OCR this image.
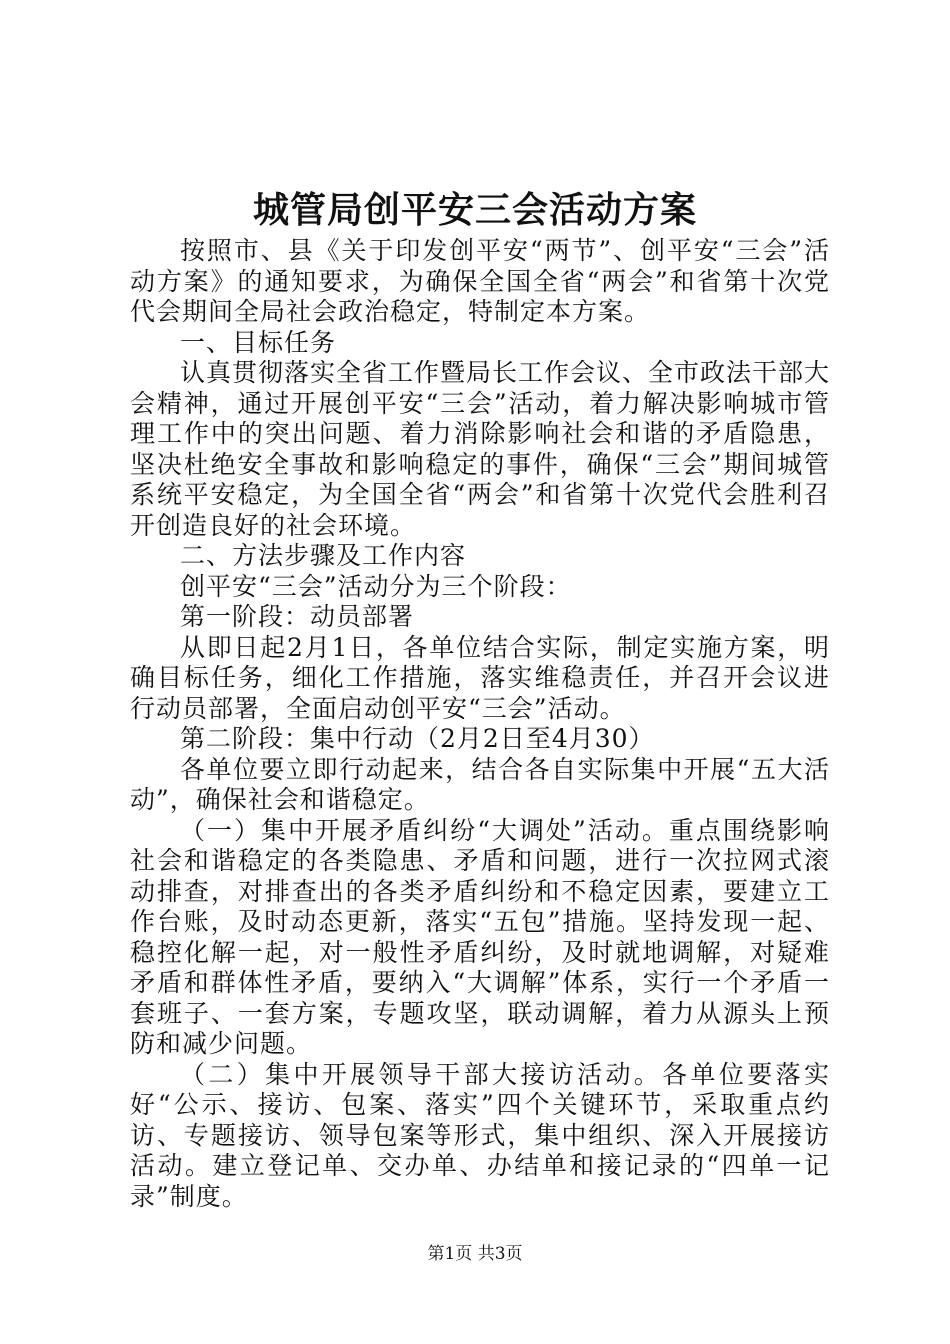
城管局创平安三会活动方案

按照市、县《关于印发创平安“两节”、创平安“三会”活动方案》的通知要求，为确保全国全省“两会”和省第十次党代会期间全局社会政治稳定，特制定本方案。

一、目标任务

认真贯彻落实全省工作暨局长工作会议、全市政法干部大会精神，通过开展创平安“三会”活动，着力解决影响城市管理工作中的突出问题、着力消除影响社会和谐的矛盾隐患，坚决杜绝安全事故和影响稳定的事件，确保“三会”期间城管系统平安稳定，为全国全省“两会”和省第十次党代会胜利召开创造良好的社会环境。

二、方法步骤及工作内容

创平安“三会”活动分为三个阶段：

第一阶段：动员部署

从即日起2月1日，各单位结合实际，制定实施方案，明确目标任务，细化工作措施，落实维稳责任，并召开会议进行动员部署，全面启动创平安“三会”活动。

第二阶段：集中行动（2月2日至4月30）

各单位要立即行动起来，结合各自实际集中开展“五大活动”，确保社会和谐稳定。

（一）集中开展矛盾纠纷“大调处”活动。重点围绕影响社会和谐稳定的各类隐患、矛盾和问题，进行一次拉网式滚动排查，对排查出的各类矛盾纠纷和不稳定因素，要建立工作台账，及时动态更新，落实“五包”措施。坚持发现一起、稳控化解一起，对一般性矛盾纠纷，及时就地调解，对疑难矛盾和群体性矛盾，要纳入“大调解”体系，实行一个矛盾一套班子、一套方案，专题攻坚，联动调解，着力从源头上预防和减少问题。

（二）集中开展领导干部大接访活动。各单位要落实好“公示、接访、包案、落实”四个关键环节，采取重点约访、专题接访、领导包案等形式，集中组织、深入开展接访活动。建立登记单、交办单、办结单和接记录的“四单一记录”制度。

第1页 共3页
